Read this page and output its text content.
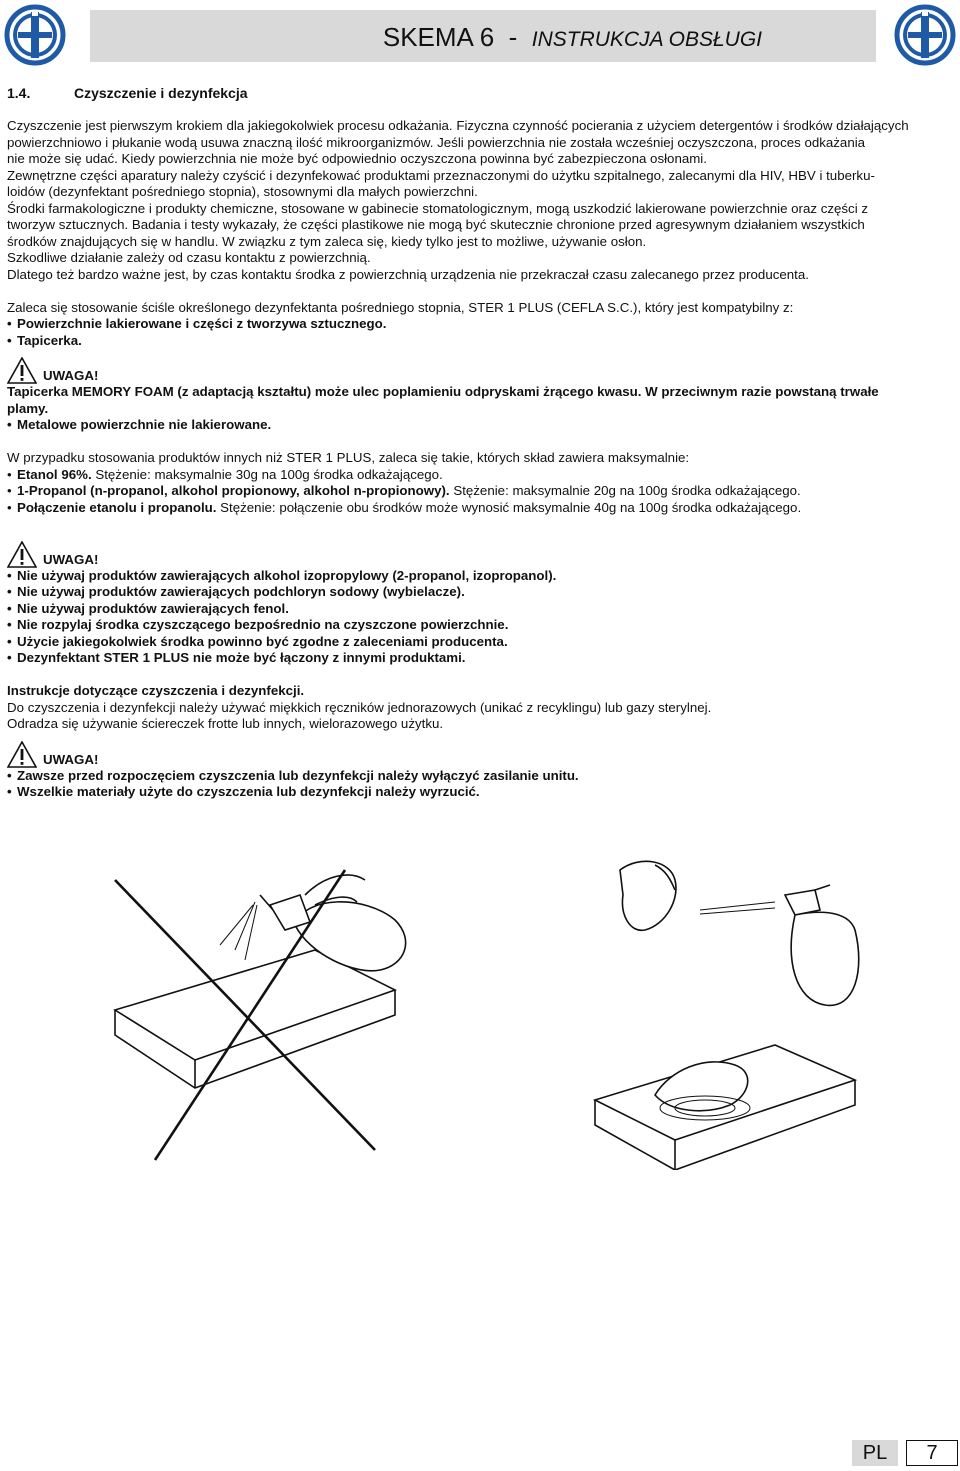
SKEMA 6 - INSTRUKCJA OBSŁUGI
1.4.	Czyszczenie i dezynfekcja

Czyszczenie jest pierwszym krokiem dla jakiegokolwiek procesu odkażania. Fizyczna czynność pocierania z użyciem detergentów i środków działających

powierzchniowo i płukanie wodą usuwa znaczną ilość mikroorganizmów. Jeśli powierzchnia nie została wcześniej oczyszczona, proces odkażania

nie może się udać. Kiedy powierzchnia nie może być odpowiednio oczyszczona powinna być zabezpieczona osłonami.

Zewnętrzne części aparatury należy czyścić i dezynfekować produktami przeznaczonymi do użytku szpitalnego, zalecanymi dla HIV, HBV i tuberku-

loidów (dezynfektant pośredniego stopnia), stosownymi dla małych powierzchni.

Środki farmakologiczne i produkty chemiczne, stosowane w gabinecie stomatologicznym, mogą uszkodzić lakierowane powierzchnie oraz części z

tworzyw sztucznych. Badania i testy wykazały, że części plastikowe nie mogą być skutecznie chronione przed agresywnym działaniem wszystkich

środków znajdujących się w handlu. W związku z tym zaleca się, kiedy tylko jest to możliwe, używanie osłon.

Szkodliwe działanie zależy od czasu kontaktu z powierzchnią.

Dlatego też bardzo ważne jest, by czas kontaktu środka z powierzchnią urządzenia nie przekraczał czasu zalecanego przez producenta.

Zaleca się stosowanie ściśle określonego dezynfektanta pośredniego stopnia, STER 1 PLUS (CEFLA S.C.), który jest kompatybilny z:

• Powierzchnie lakierowane i części z tworzywa sztucznego.

• Tapicerka.

UWAGA!

Tapicerka MEMORY FOAM (z adaptacją kształtu) może ulec poplamieniu odpryskami żrącego kwasu. W przeciwnym razie powstaną trwałe

plamy.

• Metalowe powierzchnie nie lakierowane.

W przypadku stosowania produktów innych niż STER 1 PLUS, zaleca się takie, których skład zawiera maksymalnie:

• Etanol 96%. Stężenie: maksymalnie 30g na 100g środka odkażającego.

• 1-Propanol (n-propanol, alkohol propionowy, alkohol n-propionowy). Stężenie: maksymalnie 20g na 100g środka odkażającego.

• Połączenie etanolu i propanolu. Stężenie: połączenie obu środków może wynosić maksymalnie 40g na 100g środka odkażającego.

UWAGA!

• Nie używaj produktów zawierających alkohol izopropylowy (2-propanol, izopropanol).

• Nie używaj produktów zawierających podchloryn sodowy (wybielacze).

• Nie używaj produktów zawierających fenol.

• Nie rozpylaj środka czyszczącego bezpośrednio na czyszczone powierzchnie.

• Użycie jakiegokolwiek środka powinno być zgodne z zaleceniami producenta.

• Dezynfektant STER 1 PLUS nie może być łączony z innymi produktami.

Instrukcje dotyczące czyszczenia i dezynfekcji.

Do czyszczenia i dezynfekcji należy używać miękkich ręczników jednorazowych (unikać z recyklingu) lub gazy sterylnej.

Odradza się używanie ściereczek frotte lub innych, wielorazowego użytku.

UWAGA!

• Zawsze przed rozpoczęciem czyszczenia lub dezynfekcji należy wyłączyć zasilanie unitu.

• Wszelkie materiały użyte do czyszczenia lub dezynfekcji należy wyrzucić.

PL	7
